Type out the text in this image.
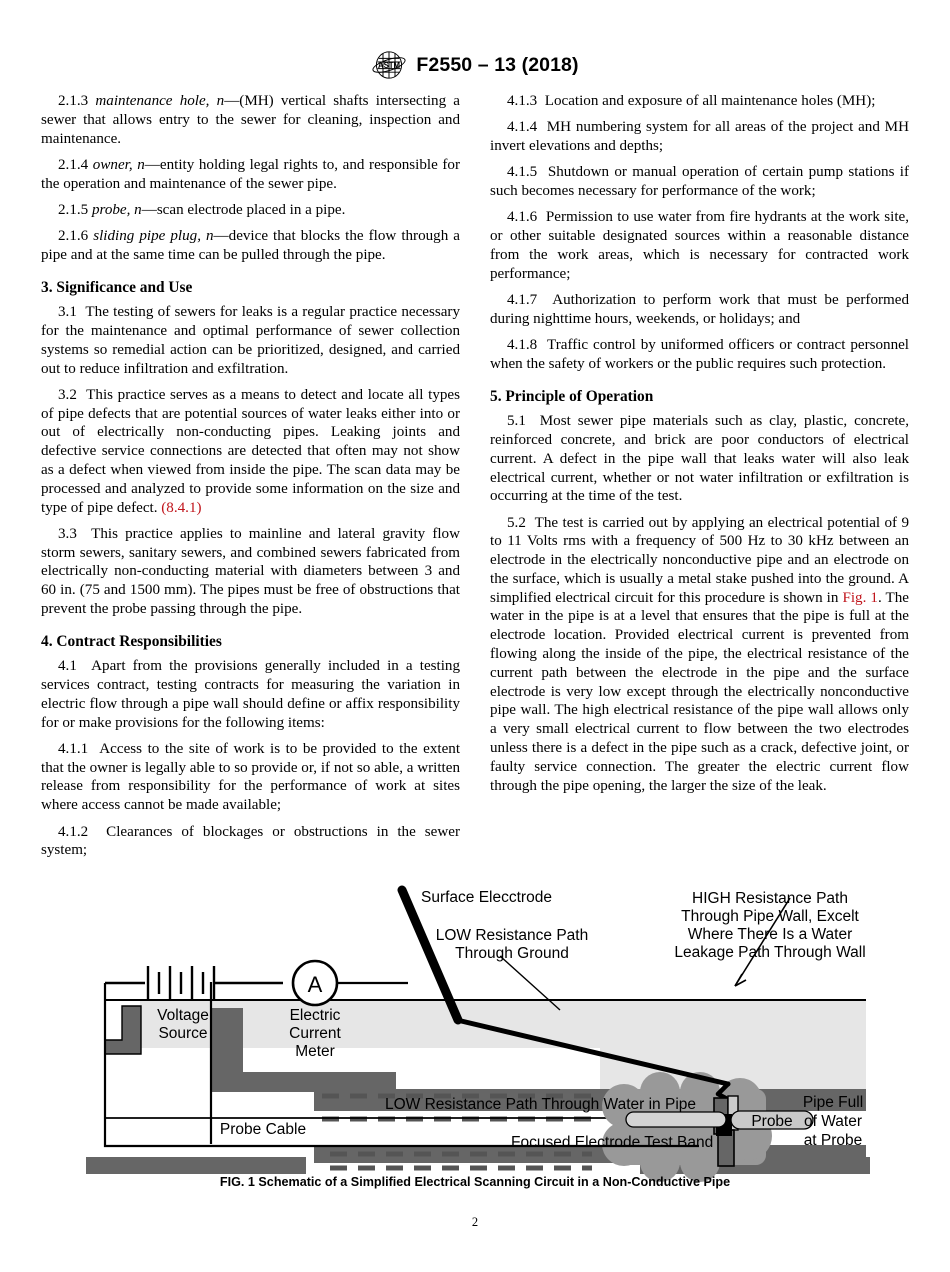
ASTM F2550 – 13 (2018)

2.1.3 maintenance hole, n—(MH) vertical shafts intersecting a sewer that allows entry to the sewer for cleaning, inspection and maintenance.

2.1.4 owner, n—entity holding legal rights to, and responsible for the operation and maintenance of the sewer pipe.

2.1.5 probe, n—scan electrode placed in a pipe.

2.1.6 sliding pipe plug, n—device that blocks the flow through a pipe and at the same time can be pulled through the pipe.

3. Significance and Use

3.1 The testing of sewers for leaks is a regular practice necessary for the maintenance and optimal performance of sewer collection systems so remedial action can be prioritized, designed, and carried out to reduce infiltration and exfiltration.

3.2 This practice serves as a means to detect and locate all types of pipe defects that are potential sources of water leaks either into or out of electrically non-conducting pipes. Leaking joints and defective service connections are detected that often may not show as a defect when viewed from inside the pipe. The scan data may be processed and analyzed to provide some information on the size and type of pipe defect. (8.4.1)

3.3 This practice applies to mainline and lateral gravity flow storm sewers, sanitary sewers, and combined sewers fabricated from electrically non-conducting material with diameters between 3 and 60 in. (75 and 1500 mm). The pipes must be free of obstructions that prevent the probe passing through the pipe.

4. Contract Responsibilities

4.1 Apart from the provisions generally included in a testing services contract, testing contracts for measuring the variation in electric flow through a pipe wall should define or affix responsibility for or make provisions for the following items:

4.1.1 Access to the site of work is to be provided to the extent that the owner is legally able to so provide or, if not so able, a written release from responsibility for the performance of work at sites where access cannot be made available;

4.1.2 Clearances of blockages or obstructions in the sewer system;

4.1.3 Location and exposure of all maintenance holes (MH);

4.1.4 MH numbering system for all areas of the project and MH invert elevations and depths;

4.1.5 Shutdown or manual operation of certain pump stations if such becomes necessary for performance of the work;

4.1.6 Permission to use water from fire hydrants at the work site, or other suitable designated sources within a reasonable distance from the work areas, which is necessary for contracted work performance;

4.1.7 Authorization to perform work that must be performed during nighttime hours, weekends, or holidays; and

4.1.8 Traffic control by uniformed officers or contract personnel when the safety of workers or the public requires such protection.

5. Principle of Operation

5.1 Most sewer pipe materials such as clay, plastic, concrete, reinforced concrete, and brick are poor conductors of electrical current. A defect in the pipe wall that leaks water will also leak electrical current, whether or not water infiltration or exfiltration is occurring at the time of the test.

5.2 The test is carried out by applying an electrical potential of 9 to 11 Volts rms with a frequency of 500 Hz to 30 kHz between an electrode in the electrically nonconductive pipe and an electrode on the surface, which is usually a metal stake pushed into the ground. A simplified electrical circuit for this procedure is shown in Fig. 1. The water in the pipe is at a level that ensures that the pipe is full at the electrode location. Provided electrical current is prevented from flowing along the inside of the pipe, the electrical resistance of the current path between the electrode in the pipe and the surface electrode is very low except through the electrically nonconductive pipe wall. The high electrical resistance of the pipe wall allows only a very small electrical current to flow between the two electrodes unless there is a defect in the pipe such as a crack, defective joint, or faulty service connection. The greater the electric current flow through the pipe opening, the larger the size of the leak.

A
Voltage
Source
Electric
Current
Meter
Surface Elecctrode
LOW Resistance Path
Through Ground
HIGH Resistance Path
Through Pipe Wall, Excelt
Where There Is a Water
Leakage Path Through Wall
LOW Resistance Path Through Water in Pipe
Focused Electrode Test Band
Probe
Probe Cable
Pipe Full
of Water
at Probe
FIG. 1 Schematic of a Simplified Electrical Scanning Circuit in a Non-Conductive Pipe
2
